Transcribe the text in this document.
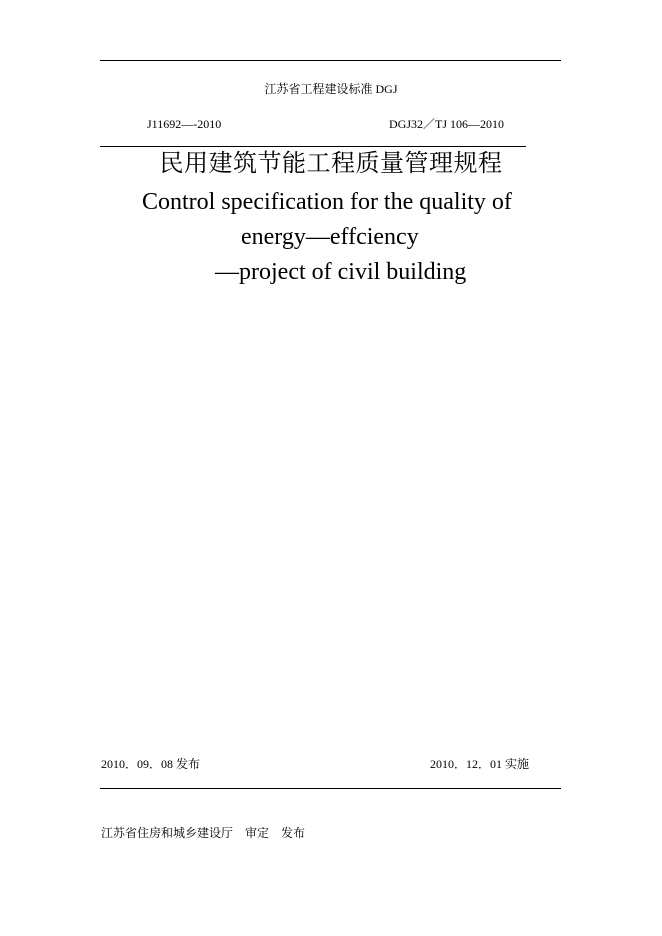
江苏省工程建设标准 DGJ
J11692—-2010	DGJ32／TJ 106—2010
民用建筑节能工程质量管理规程
Control specification for the quality of
energy—effciency
—project of civil building
2010．09．08 发布	2010．12．01 实施
江苏省住房和城乡建设厅　审定　发布
